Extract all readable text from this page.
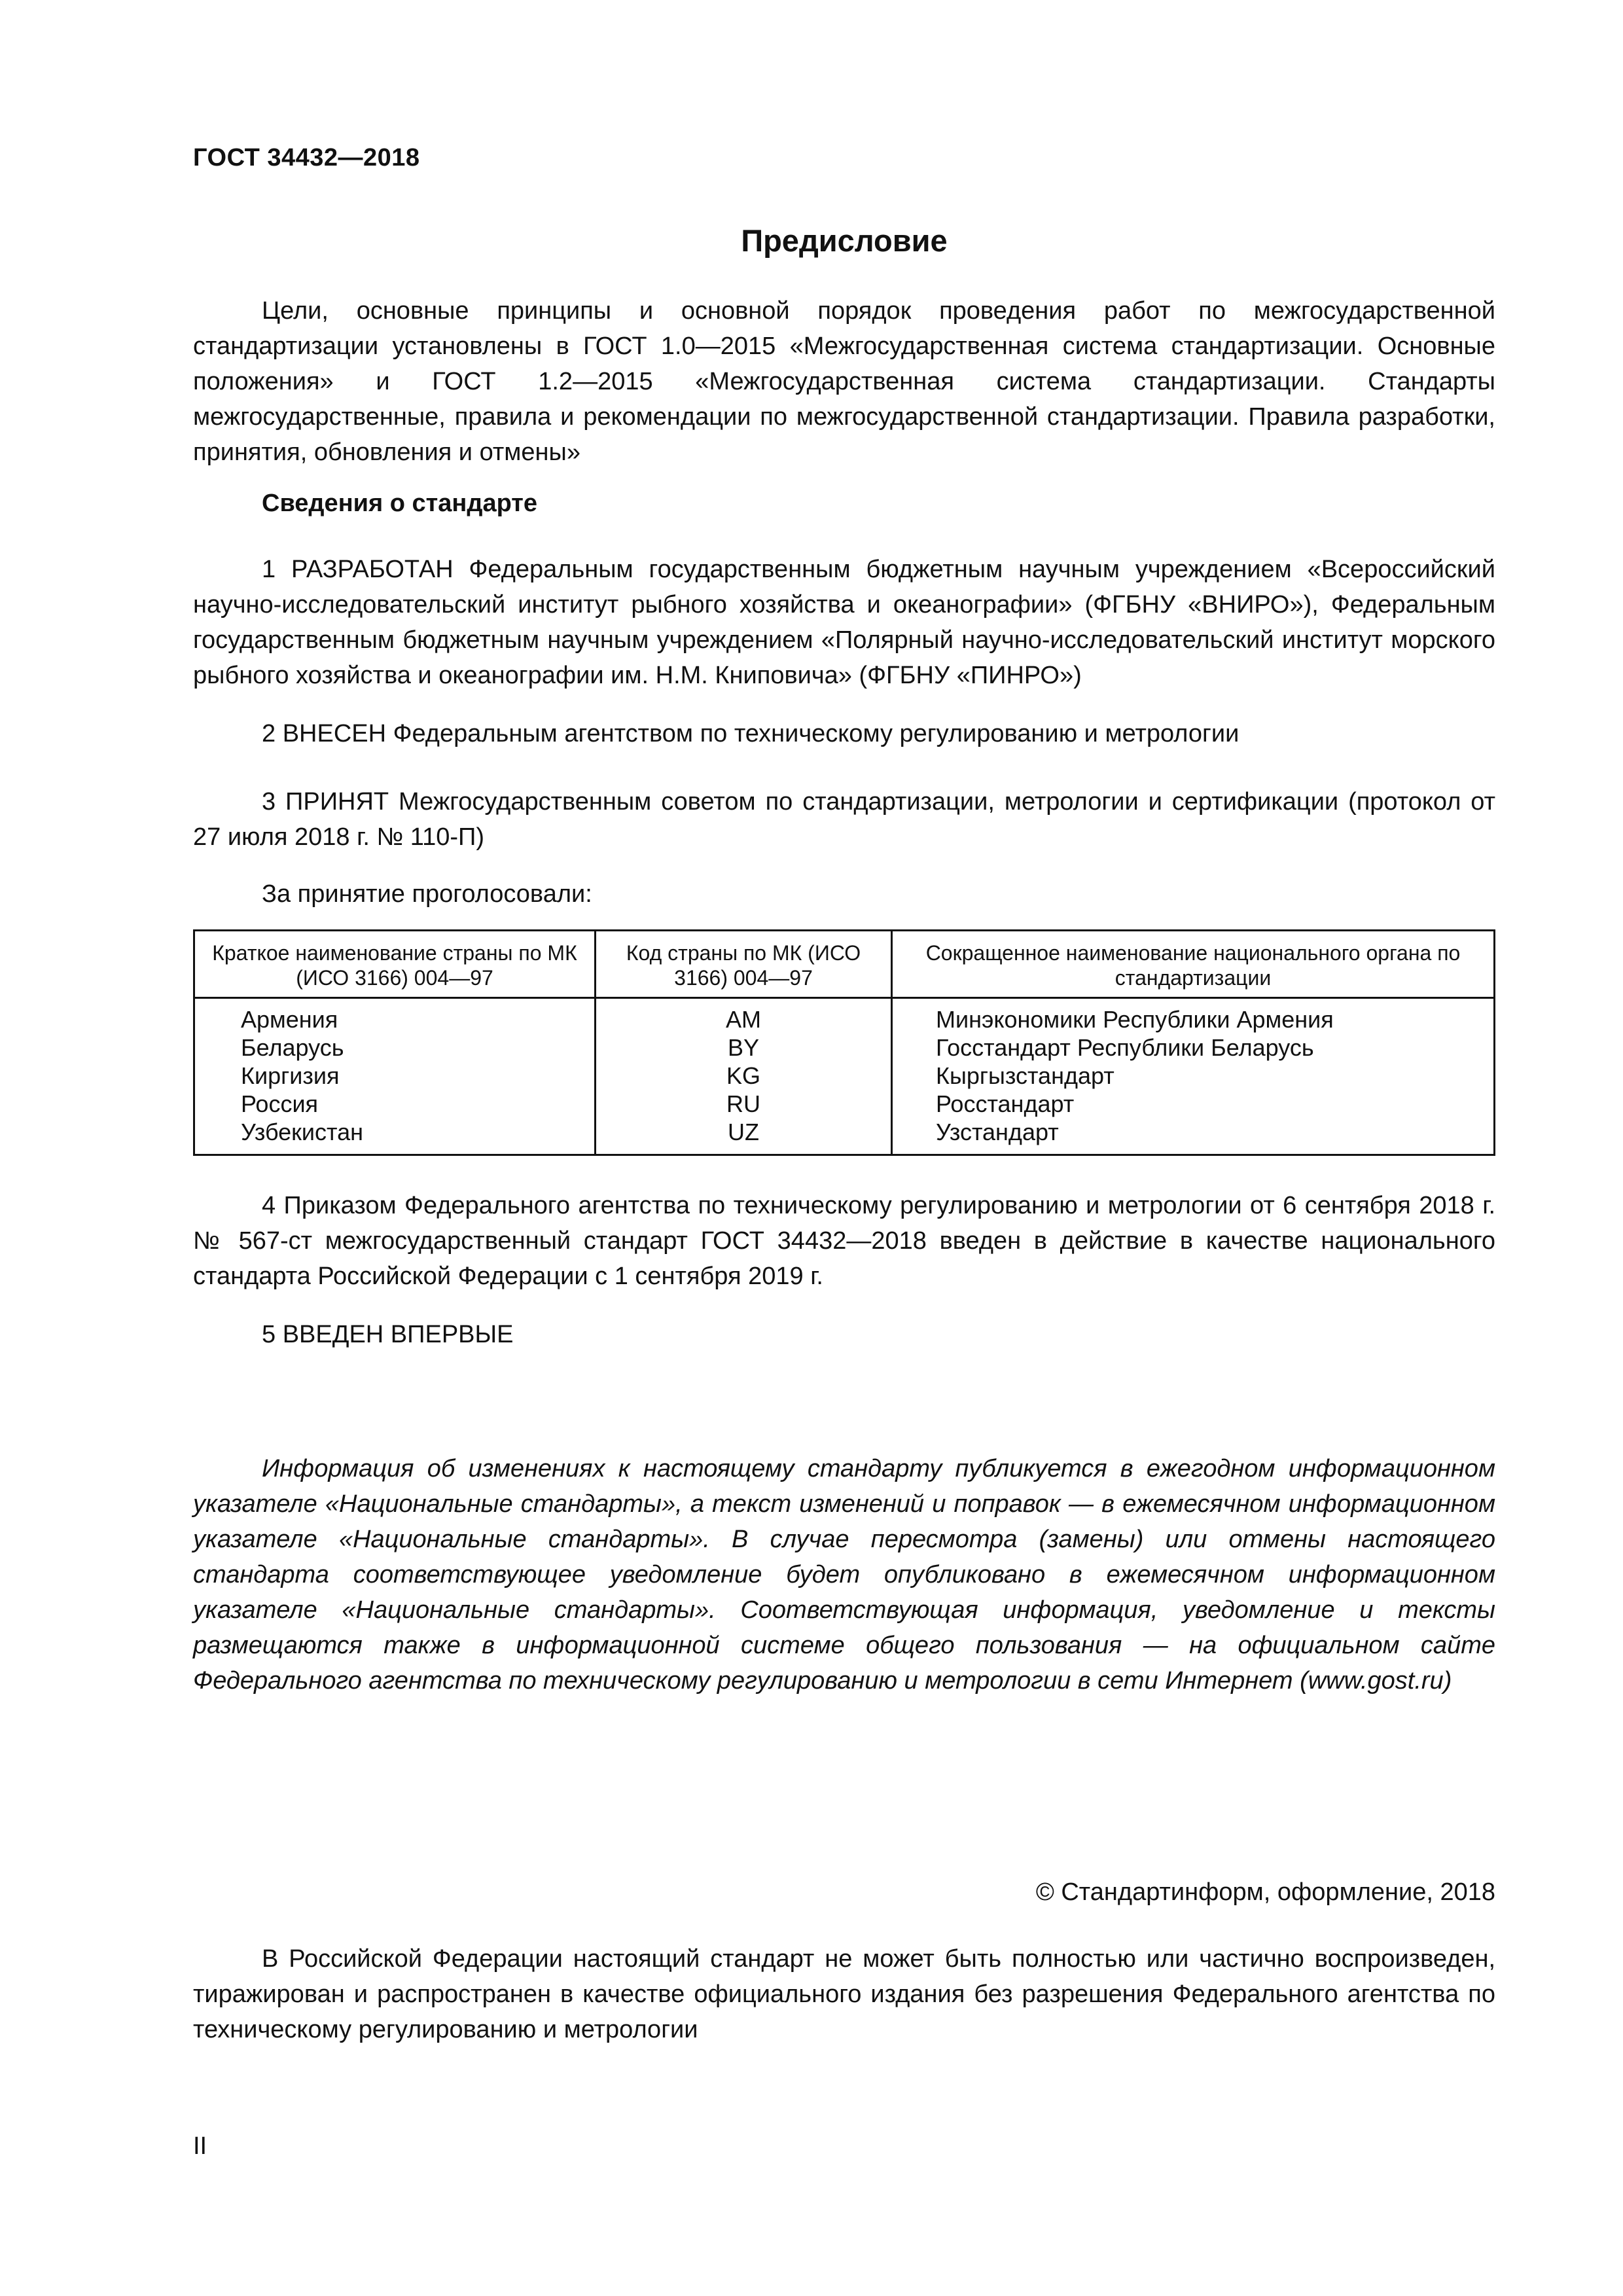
ГОСТ 34432—2018
Предисловие

Цели, основные принципы и основной порядок проведения работ по межгосударственной стандартизации установлены в ГОСТ 1.0—2015 «Межгосударственная система стандартизации. Основные положения» и ГОСТ 1.2—2015 «Межгосударственная система стандартизации. Стандарты межгосударственные, правила и рекомендации по межгосударственной стандартизации. Правила разработки, принятия, обновления и отмены»

Сведения о стандарте

1 РАЗРАБОТАН Федеральным государственным бюджетным научным учреждением «Всероссийский научно-исследовательский институт рыбного хозяйства и океанографии» (ФГБНУ «ВНИРО»), Федеральным государственным бюджетным научным учреждением «Полярный научно-исследовательский институт морского рыбного хозяйства и океанографии им. Н.М. Книповича» (ФГБНУ «ПИНРО»)

2 ВНЕСЕН Федеральным агентством по техническому регулированию и метрологии

3 ПРИНЯТ Межгосударственным советом по стандартизации, метрологии и сертификации (протокол от 27 июля 2018 г. № 110-П)

За принятие проголосовали:
Краткое наименование страны по МК (ИСО 3166) 004—97	Код страны по МК (ИСО 3166) 004—97	Сокращенное наименование национального органа по стандартизации
Армения	AM	Минэкономики Республики Армения
Беларусь	BY	Госстандарт Республики Беларусь
Киргизия	KG	Кыргызстандарт
Россия	RU	Росстандарт
Узбекистан	UZ	Узстандарт

4 Приказом Федерального агентства по техническому регулированию и метрологии от 6 сентября 2018 г. № 567-ст межгосударственный стандарт ГОСТ 34432—2018 введен в действие в качестве национального стандарта Российской Федерации с 1 сентября 2019 г.

5 ВВЕДЕН ВПЕРВЫЕ

Информация об изменениях к настоящему стандарту публикуется в ежегодном информационном указателе «Национальные стандарты», а текст изменений и поправок — в ежемесячном информационном указателе «Национальные стандарты». В случае пересмотра (замены) или отмены настоящего стандарта соответствующее уведомление будет опубликовано в ежемесячном информационном указателе «Национальные стандарты». Соответствующая информация, уведомление и тексты размещаются также в информационной системе общего пользования — на официальном сайте Федерального агентства по техническому регулированию и метрологии в сети Интернет (www.gost.ru)

© Стандартинформ, оформление, 2018

В Российской Федерации настоящий стандарт не может быть полностью или частично воспроизведен, тиражирован и распространен в качестве официального издания без разрешения Федерального агентства по техническому регулированию и метрологии

II
